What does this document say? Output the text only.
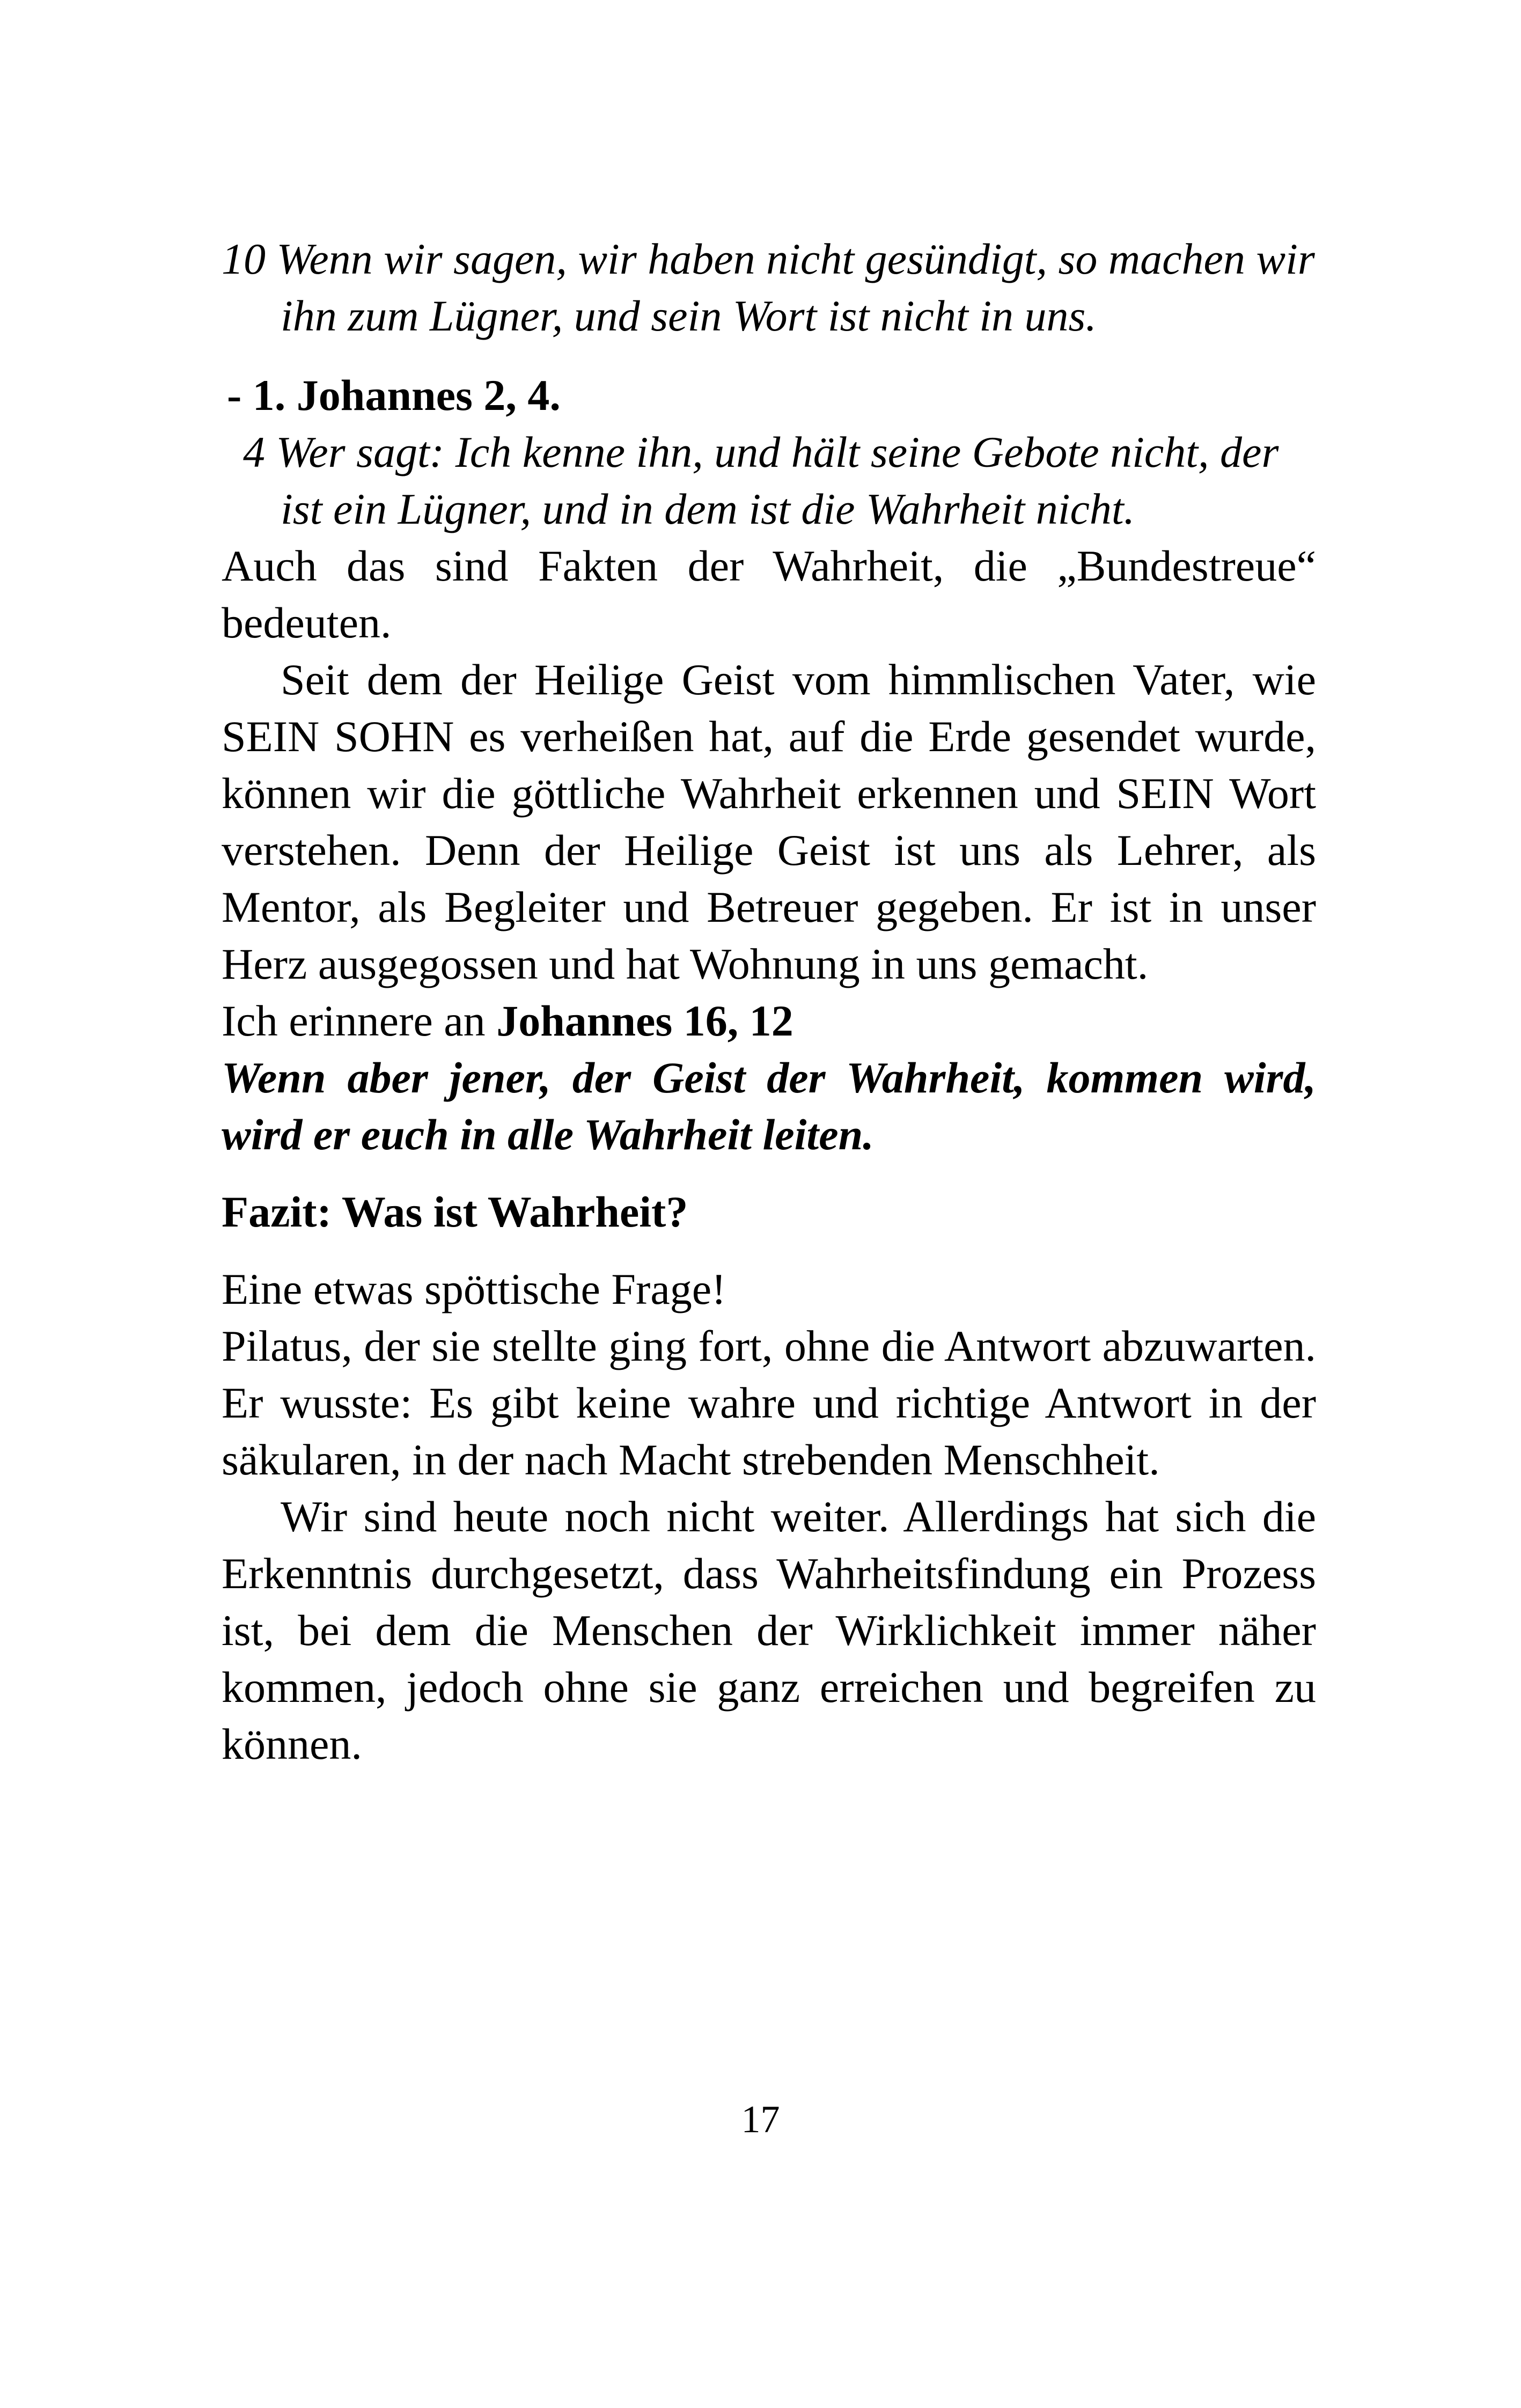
10 Wenn wir sagen, wir haben nicht gesündigt, so machen wir ihn zum Lügner, und sein Wort ist nicht in uns.
- 1. Johannes 2, 4.
4 Wer sagt: Ich kenne ihn, und hält seine Gebote nicht, der ist ein Lügner, und in dem ist die Wahrheit nicht.
Auch das sind Fakten der Wahrheit, die „Bundestreue“ bedeuten.
Seit dem der Heilige Geist vom himmlischen Vater, wie SEIN SOHN es verheißen hat, auf die Erde gesendet wurde, können wir die göttliche Wahrheit erkennen und SEIN Wort verstehen. Denn der Heilige Geist ist uns als Lehrer, als Mentor, als Begleiter und Betreuer gegeben. Er ist in unser Herz ausgegossen und hat Wohnung in uns gemacht.
Ich erinnere an Johannes 16, 12
Wenn aber jener, der Geist der Wahrheit, kommen wird, wird er euch in alle Wahrheit leiten.
Fazit: Was ist Wahrheit?
Eine etwas spöttische Frage!
Pilatus, der sie stellte ging fort, ohne die Antwort abzuwarten. Er wusste: Es gibt keine wahre und richtige Antwort in der säkularen, in der nach Macht strebenden Menschheit.
Wir sind heute noch nicht weiter. Allerdings hat sich die Erkenntnis durchgesetzt, dass Wahrheitsfindung ein Prozess ist, bei dem die Menschen der Wirklichkeit immer näher kommen, jedoch ohne sie ganz erreichen und begreifen zu können.
17
